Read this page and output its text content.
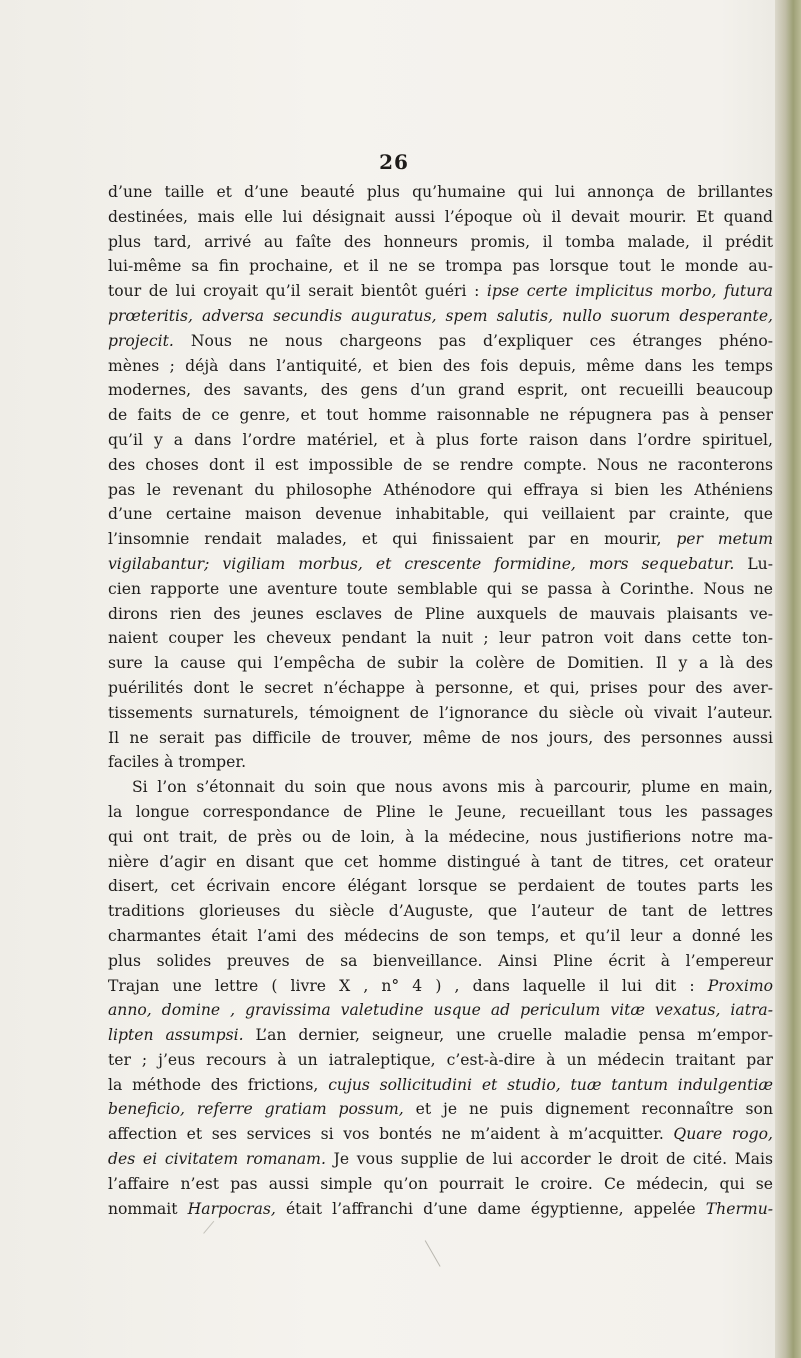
26
d’une taille et d’une beauté plus qu’humaine qui lui annonça de brillantes
destinées, mais elle lui désignait aussi l’époque où il devait mourir. Et quand
plus tard, arrivé au faîte des honneurs promis, il tomba malade, il prédit
lui-même sa fin prochaine, et il ne se trompa pas lorsque tout le monde au-
tour de lui croyait qu’il serait bientôt guéri : ipse certe implicitus morbo, futura
prœteritis, adversa secundis auguratus, spem salutis, nullo suorum desperante,
projecit. Nous ne nous chargeons pas d’expliquer ces étranges phéno-
mènes ; déjà dans l’antiquité, et bien des fois depuis, même dans les temps
modernes, des savants, des gens d’un grand esprit, ont recueilli beaucoup
de faits de ce genre, et tout homme raisonnable ne répugnera pas à penser
qu’il y a dans l’ordre matériel, et à plus forte raison dans l’ordre spirituel,
des choses dont il est impossible de se rendre compte. Nous ne raconterons
pas le revenant du philosophe Athénodore qui effraya si bien les Athéniens
d’une certaine maison devenue inhabitable, qui veillaient par crainte, que
l’insomnie rendait malades, et qui finissaient par en mourir, per metum
vigilabantur; vigiliam morbus, et crescente formidine, mors sequebatur. Lu-
cien rapporte une aventure toute semblable qui se passa à Corinthe. Nous ne
dirons rien des jeunes esclaves de Pline auxquels de mauvais plaisants ve-
naient couper les cheveux pendant la nuit ; leur patron voit dans cette ton-
sure la cause qui l’empêcha de subir la colère de Domitien. Il y a là des
puérilités dont le secret n’échappe à personne, et qui, prises pour des aver-
tissements surnaturels, témoignent de l’ignorance du siècle où vivait l’auteur.
Il ne serait pas difficile de trouver, même de nos jours, des personnes aussi
faciles à tromper.
Si l’on s’étonnait du soin que nous avons mis à parcourir, plume en main,
la longue correspondance de Pline le Jeune, recueillant tous les passages
qui ont trait, de près ou de loin, à la médecine, nous justifierions notre ma-
nière d’agir en disant que cet homme distingué à tant de titres, cet orateur
disert, cet écrivain encore élégant lorsque se perdaient de toutes parts les
traditions glorieuses du siècle d’Auguste, que l’auteur de tant de lettres
charmantes était l’ami des médecins de son temps, et qu’il leur a donné les
plus solides preuves de sa bienveillance. Ainsi Pline écrit à l’empereur
Trajan une lettre ( livre X , n° 4 ) , dans laquelle il lui dit : Proximo
anno, domine , gravissima valetudine usque ad periculum vitæ vexatus, iatra-
lipten assumpsi. L’an dernier, seigneur, une cruelle maladie pensa m’empor-
ter ; j’eus recours à un iatraleptique, c’est-à-dire à un médecin traitant par
la méthode des frictions, cujus sollicitudini et studio, tuæ tantum indulgentiæ
beneficio, referre gratiam possum, et je ne puis dignement reconnaître son
affection et ses services si vos bontés ne m’aident à m’acquitter. Quare rogo,
des ei civitatem romanam. Je vous supplie de lui accorder le droit de cité. Mais
l’affaire n’est pas aussi simple qu’on pourrait le croire. Ce médecin, qui se
nommait Harpocras, était l’affranchi d’une dame égyptienne, appelée Thermu-
